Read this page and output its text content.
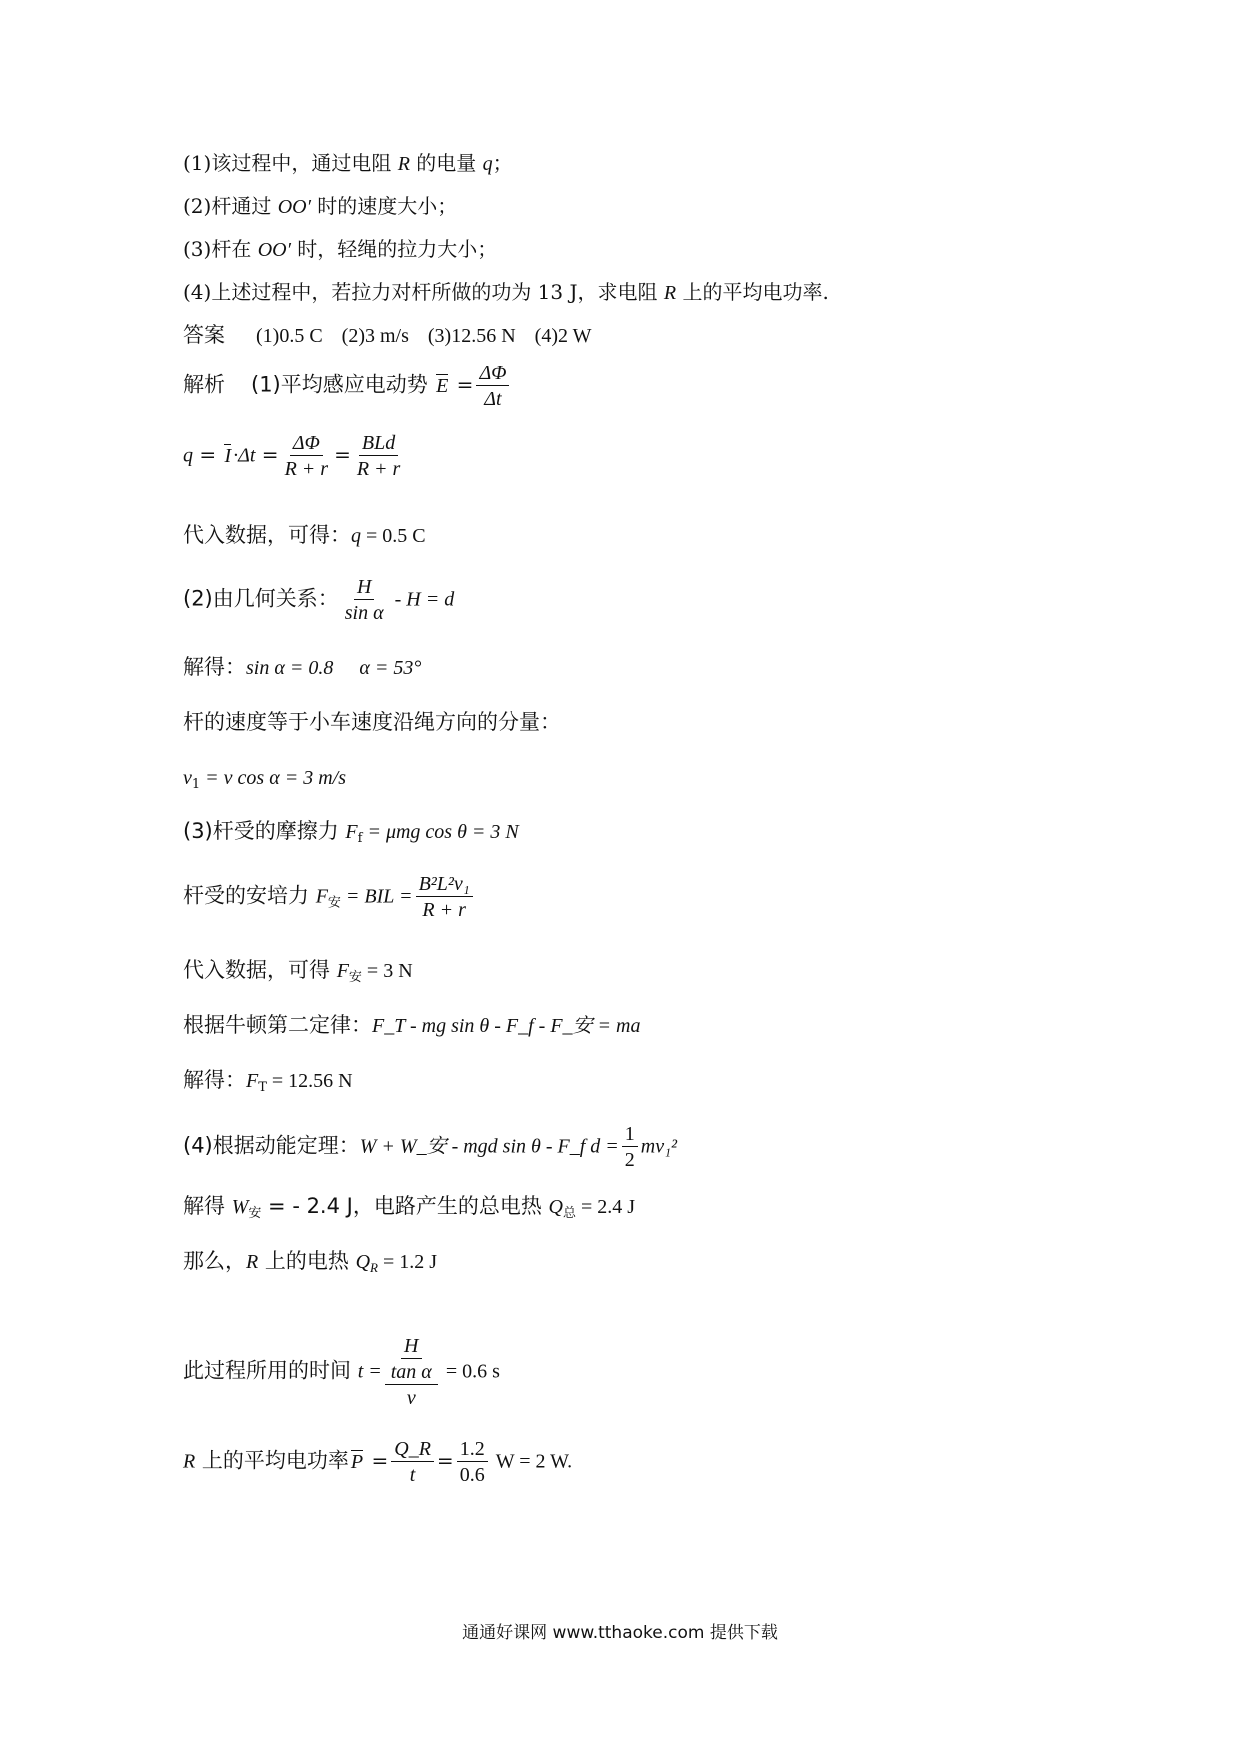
(1)该过程中，通过电阻 R 的电量 q；
(2)杆通过 OO′ 时的速度大小；
(3)杆在 OO′ 时，轻绳的拉力大小；
(4)上述过程中，若拉力对杆所做的功为 13 J，求电阻 R 上的平均电功率.
答案 (1)0.5 C (2)3 m/s (3)12.56 N (4)2 W
解析 (1)平均感应电动势 $E = \frac{\Delta\Phi}{\Delta t}$
$q = I \cdot\Delta t = \frac{\Delta\Phi}{R + r} = \frac{\text{BLd}}{R + r}$
代入数据，可得：q = 0.5 C
(2)由几何关系： $\frac{H}{\text{sin α}} - H = d$
解得：sin α = 0.8 α = 53°
杆的速度等于小车速度沿绳方向的分量：
$v_1 = v$ cos α = 3 m/s
(3)杆受的摩擦力 $F_f = \mu mg$ cos θ = 3 N
杆受的安培力 $F_安$ = BIL = $\frac{\text{B²L²v₁}}{R + r}$
代入数据，可得 $F_安 = 3$ N
根据牛顿第二定律：F_T - mg sin θ - F_f - F_安 = ma
解得：$F_T = 12.56$ N
(4)根据动能定理：W + W_安 - mgd sin θ - F_f $d = \frac{1}{2} mv_1^2$
解得 $W_安$ = - 2.4 J，电路产生的总电热 $Q_总 = 2.4$ J
那么，R 上的电热 $Q_R = 1.2$ J
此过程所用的时间 $t = \frac{\frac{H}{\text{tan α}}}{v} = 0.6$ s
R 上的平均电功率 $P = \frac{Q\_R}{t} = \frac{1.2}{0.6}$ W = 2 W.
通通好课网 www.tthaoke.com 提供下载
